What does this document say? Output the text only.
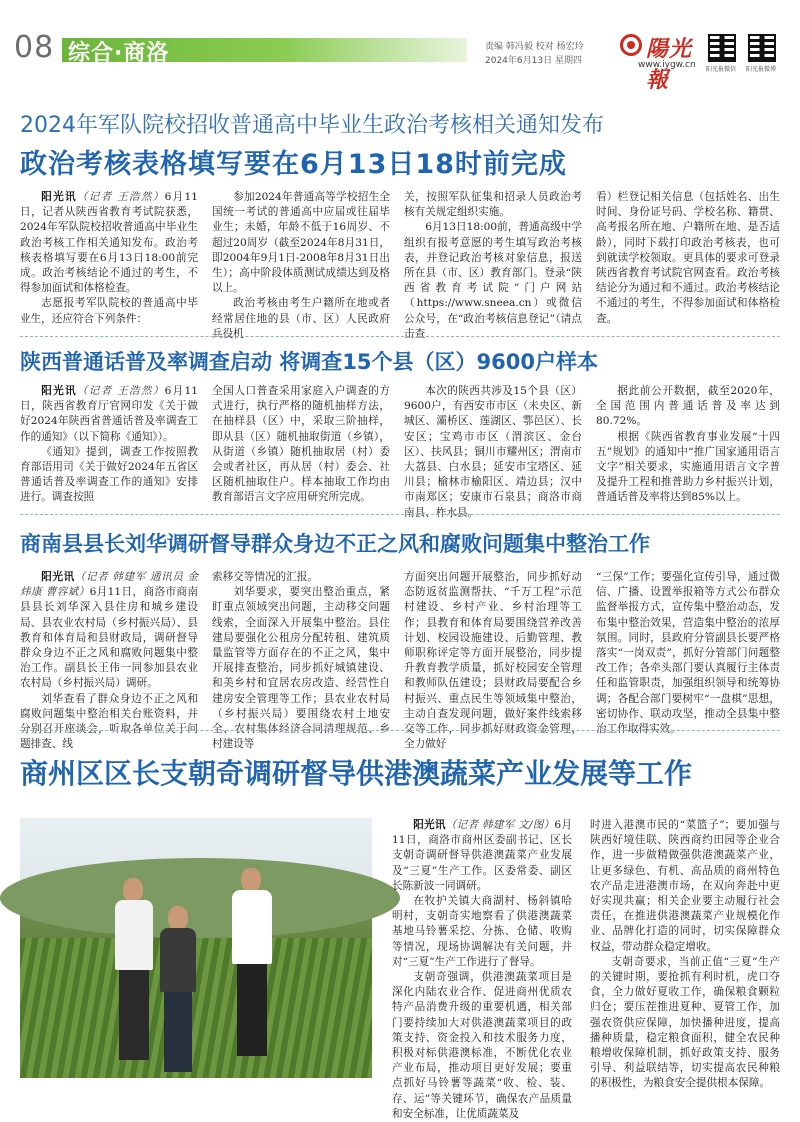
08 综合·商洛	责编 韩冯毅 校对 杨宏玲
2024年6月13日 星期四	陽光報
www.iygw.cn 阳光报微信 阳光报微博
2024年军队院校招收普通高中毕业生政治考核相关通知发布
政治考核表格填写要在6月13日18时前完成

阳光讯（记者 王浩然）6月11日，记者从陕西省教育考试院获悉，2024年军队院校招收普通高中毕业生政治考核工作相关通知发布。政治考核表格填写要在6月13日18:00前完成。政治考核结论不通过的考生，不得参加面试和体格检查。

志愿报考军队院校的普通高中毕业生，还应符合下列条件：

参加2024年普通高等学校招生全国统一考试的普通高中应届或往届毕业生；未婚，年龄不低于16周岁、不超过20周岁（截至2024年8月31日，即2004年9月1日-2008年8月31日出生）；高中阶段体质测试成绩达到及格以上。

政治考核由考生户籍所在地或者经常居住地的县（市、区）人民政府兵役机

关，按照军队征集和招录人员政治考核有关规定组织实施。

6月13日18:00前，普通高级中学组织有报考意愿的考生填写政治考核表，并登记政治考核对象信息，报送所在县（市、区）教育部门。登录“陕西省教育考试院”门户网站（https://www.sneea.cn）或微信公众号，在“政治考核信息登记”（请点击查

看）栏登记相关信息（包括姓名、出生时间、身份证号码、学校名称、籍贯、高考报名所在地、户籍所在地、是否适龄），同时下载打印政治考核表，也可到就读学校领取。更具体的要求可登录陕西省教育考试院官网查看。政治考核结论分为通过和不通过。政治考核结论不通过的考生，不得参加面试和体格检查。

陕西普通话普及率调查启动 将调查15个县（区）9600户样本

阳光讯（记者 王浩然）6月11日，陕西省教育厅官网印发《关于做好2024年陕西省普通话普及率调查工作的通知》（以下简称《通知》）。

《通知》提到，调查工作按照教育部语用司《关于做好2024年五省区普通话普及率调查工作的通知》安排进行。调查按照

全国人口普查采用家庭入户调查的方式进行，执行严格的随机抽样方法，在抽样县（区）中，采取三阶抽样，即从县（区）随机抽取街道（乡镇），从街道（乡镇）随机抽取居（村）委会或者社区，再从居（村）委会、社区随机抽取住户。样本抽取工作均由教育部语言文字应用研究所完成。

本次的陕西共涉及15个县（区）9600户，有西安市市区（未央区、新城区、灞桥区、莲湖区、鄠邑区）、长安区；宝鸡市市区（渭滨区、金台区）、扶风县；铜川市耀州区；渭南市大荔县、白水县；延安市宝塔区、延川县；榆林市榆阳区、靖边县；汉中市南郑区；安康市石泉县；商洛市商南县、柞水县。

据此前公开数据，截至2020年，全国范围内普通话普及率达到80.72%。

根据《陕西省教育事业发展“十四五”规划》的通知中“推广国家通用语言文字”相关要求，实施通用语言文字普及提升工程和推普助力乡村振兴计划，普通话普及率将达到85%以上。

商南县县长刘华调研督导群众身边不正之风和腐败问题集中整治工作

阳光讯（记者 韩建军 通讯员 金炜康 曹容斌）6月11日，商洛市商南县县长刘华深入县住房和城乡建设局、县农业农村局（乡村振兴局）、县教育和体育局和县财政局，调研督导群众身边不正之风和腐败问题集中整治工作。副县长王伟一同参加县农业农村局（乡村振兴局）调研。

刘华查看了群众身边不正之风和腐败问题集中整治相关台账资料，并分别召开座谈会，听取各单位关于问题排查、线

索移交等情况的汇报。

刘华要求，要突出整治重点，紧盯重点领域突出问题，主动移交问题线索，全面深入开展集中整治。县住建局要强化公租房分配转租、建筑质量监管等方面存在的不正之风，集中开展排查整治，同步抓好城镇建设、和美乡村和宜居农房改造、经营性自建房安全管理等工作；县农业农村局（乡村振兴局）要围绕农村土地安全、农村集体经济合同清理规范、乡村建设等

方面突出问题开展整治，同步抓好动态防返贫监测帮扶、“千万工程”示范村建设、乡村产业、乡村治理等工作；县教育和体育局要围绕营养改善计划、校园设施建设、后勤管理、教师职称评定等方面开展整治，同步提升教育教学质量，抓好校园安全管理和教师队伍建设；县财政局要配合乡村振兴、重点民生等领域集中整治，主动自查发现问题，做好案件线索移交等工作，同步抓好财政资金管理，全力做好

“三保”工作；要强化宣传引导，通过微信、广播、设置举报箱等方式公布群众监督举报方式，宣传集中整治动态，发布集中整治效果，营造集中整治的浓厚氛围。同时，县政府分管副县长要严格落实“一岗双责”，抓好分管部门问题整改工作；各牵头部门要认真履行主体责任和监管职责，加强组织领导和统筹协调；各配合部门要树牢“一盘棋”思想，密切协作、联动攻坚，推动全县集中整治工作取得实效。

商州区区长支朝奇调研督导供港澳蔬菜产业发展等工作

阳光讯（记者 韩建军 文/图）6月11日，商洛市商州区委副书记、区长支朝奇调研督导供港澳蔬菜产业发展及“三夏”生产工作。区委常委、副区长陈新波一同调研。

在牧护关镇大商湖村、杨斜镇哈明村，支朝奇实地察看了供港澳蔬菜基地马铃薯采挖、分拣、仓储、收购等情况，现场协调解决有关问题，并对“三夏”生产工作进行了督导。

支朝奇强调，供港澳蔬菜项目是深化内陆农业合作、促进商州优质农特产品消费升级的重要机遇，相关部门要持续加大对供港澳蔬菜项目的政策支持、资金投入和技术服务力度，积极对标供港澳标准，不断优化农业产业布局，推动项目更好发展；要重点抓好马铃薯等蔬菜“收、检、装、存、运”等关键环节，确保农产品质量和安全标准，让优质蔬菜及

时进入港澳市民的“菜篮子”；要加强与陕西好境佳联、陕西商约田园等企业合作，进一步做精做强供港澳蔬菜产业，让更多绿色、有机、高品质的商州特色农产品走进港澳市场，在双向奔赴中更好实现共赢；相关企业要主动履行社会责任，在推进供港澳蔬菜产业规模化作业、品牌化打造的同时，切实保障群众权益，带动群众稳定增收。

支朝奇要求，当前正值“三夏”生产的关键时期，要抢抓有利时机，虎口夺食，全力做好夏收工作，确保粮食颗粒归仓；要压茬推进夏种、夏管工作，加强农资供应保障，加快播种进度，提高播种质量，稳定粮食面积，健全农民种粮增收保障机制，抓好政策支持、服务引导、利益联结等，切实提高农民种粮的积极性，为粮食安全提供根本保障。
